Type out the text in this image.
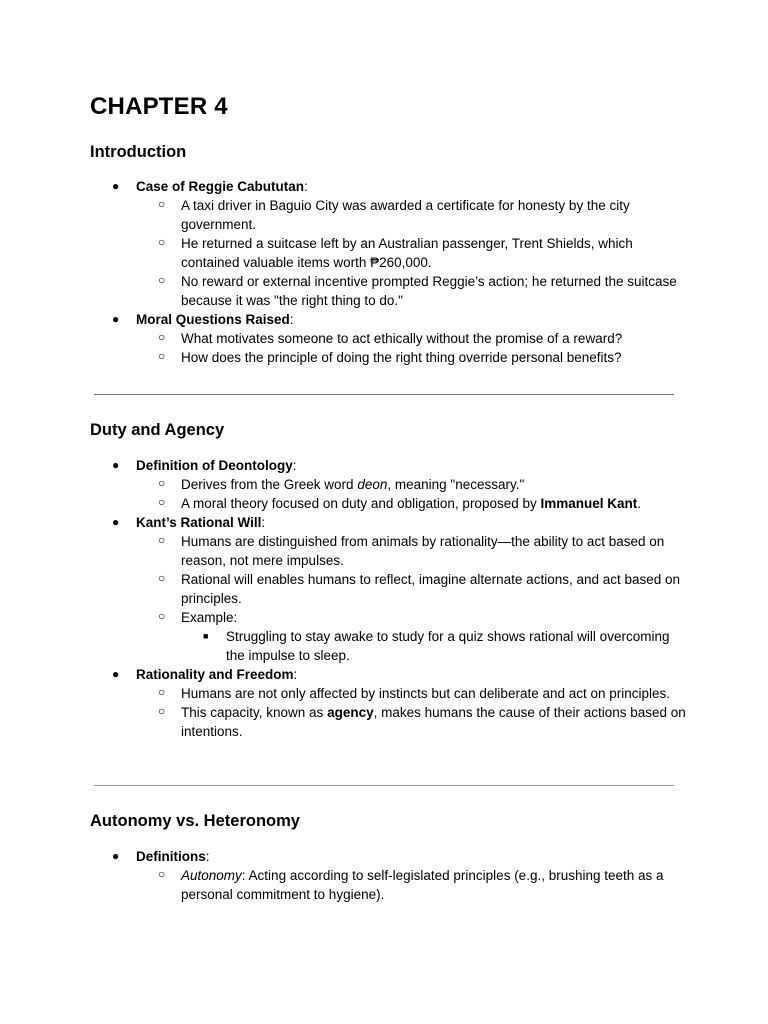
CHAPTER 4
Introduction
● Case of Reggie Cabututan:
○ A taxi driver in Baguio City was awarded a certificate for honesty by the city government.
○ He returned a suitcase left by an Australian passenger, Trent Shields, which contained valuable items worth ₱260,000.
○ No reward or external incentive prompted Reggie’s action; he returned the suitcase because it was "the right thing to do."
● Moral Questions Raised:
○ What motivates someone to act ethically without the promise of a reward?
○ How does the principle of doing the right thing override personal benefits?
Duty and Agency
● Definition of Deontology:
○ Derives from the Greek word deon, meaning "necessary."
○ A moral theory focused on duty and obligation, proposed by Immanuel Kant.
● Kant’s Rational Will:
○ Humans are distinguished from animals by rationality—the ability to act based on reason, not mere impulses.
○ Rational will enables humans to reflect, imagine alternate actions, and act based on principles.
○ Example:
■ Struggling to stay awake to study for a quiz shows rational will overcoming the impulse to sleep.
● Rationality and Freedom:
○ Humans are not only affected by instincts but can deliberate and act on principles.
○ This capacity, known as agency, makes humans the cause of their actions based on intentions.
Autonomy vs. Heteronomy
● Definitions:
○ Autonomy: Acting according to self-legislated principles (e.g., brushing teeth as a personal commitment to hygiene).
